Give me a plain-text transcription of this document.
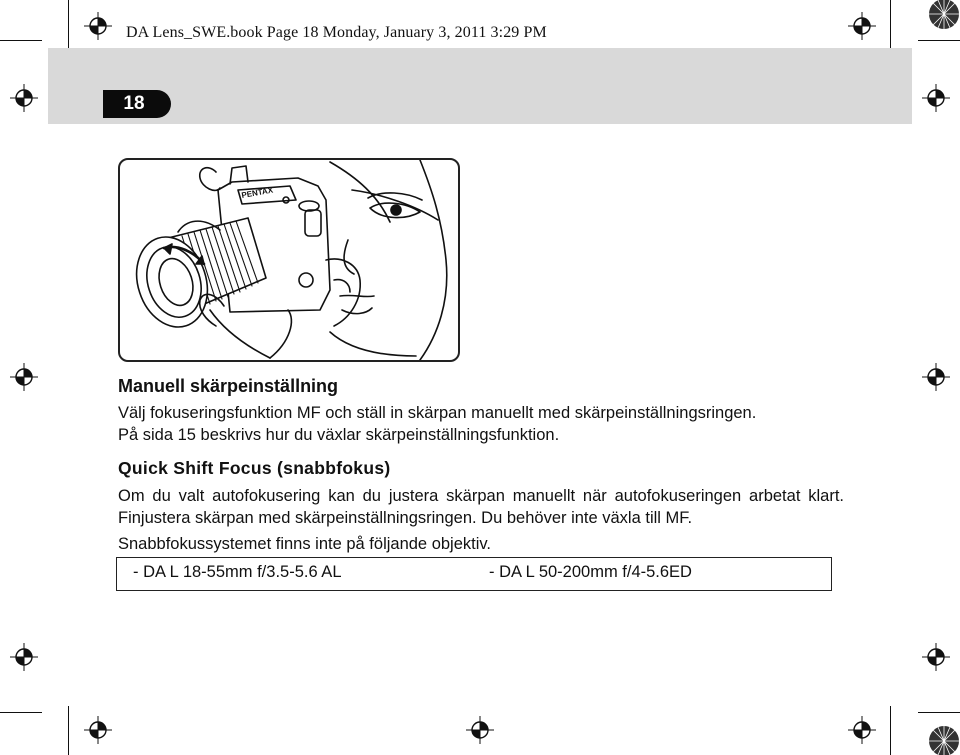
DA Lens_SWE.book Page 18 Monday, January 3, 2011 3:29 PM
18
PENTAX
Manuell skärpeinställning
Välj fokuseringsfunktion MF och ställ in skärpan manuellt med skärpeinställningsringen.
På sida 15 beskrivs hur du växlar skärpeinställningsfunktion.
Quick Shift Focus (snabbfokus)
Om du valt autofokusering kan du justera skärpan manuellt när autofokuseringen arbetat klart. Finjustera skärpan med skärpeinställningsringen. Du behöver inte växla till MF.
Snabbfokussystemet finns inte på följande objektiv.
- DA L 18-55mm f/3.5-5.6 AL	- DA L 50-200mm f/4-5.6ED
